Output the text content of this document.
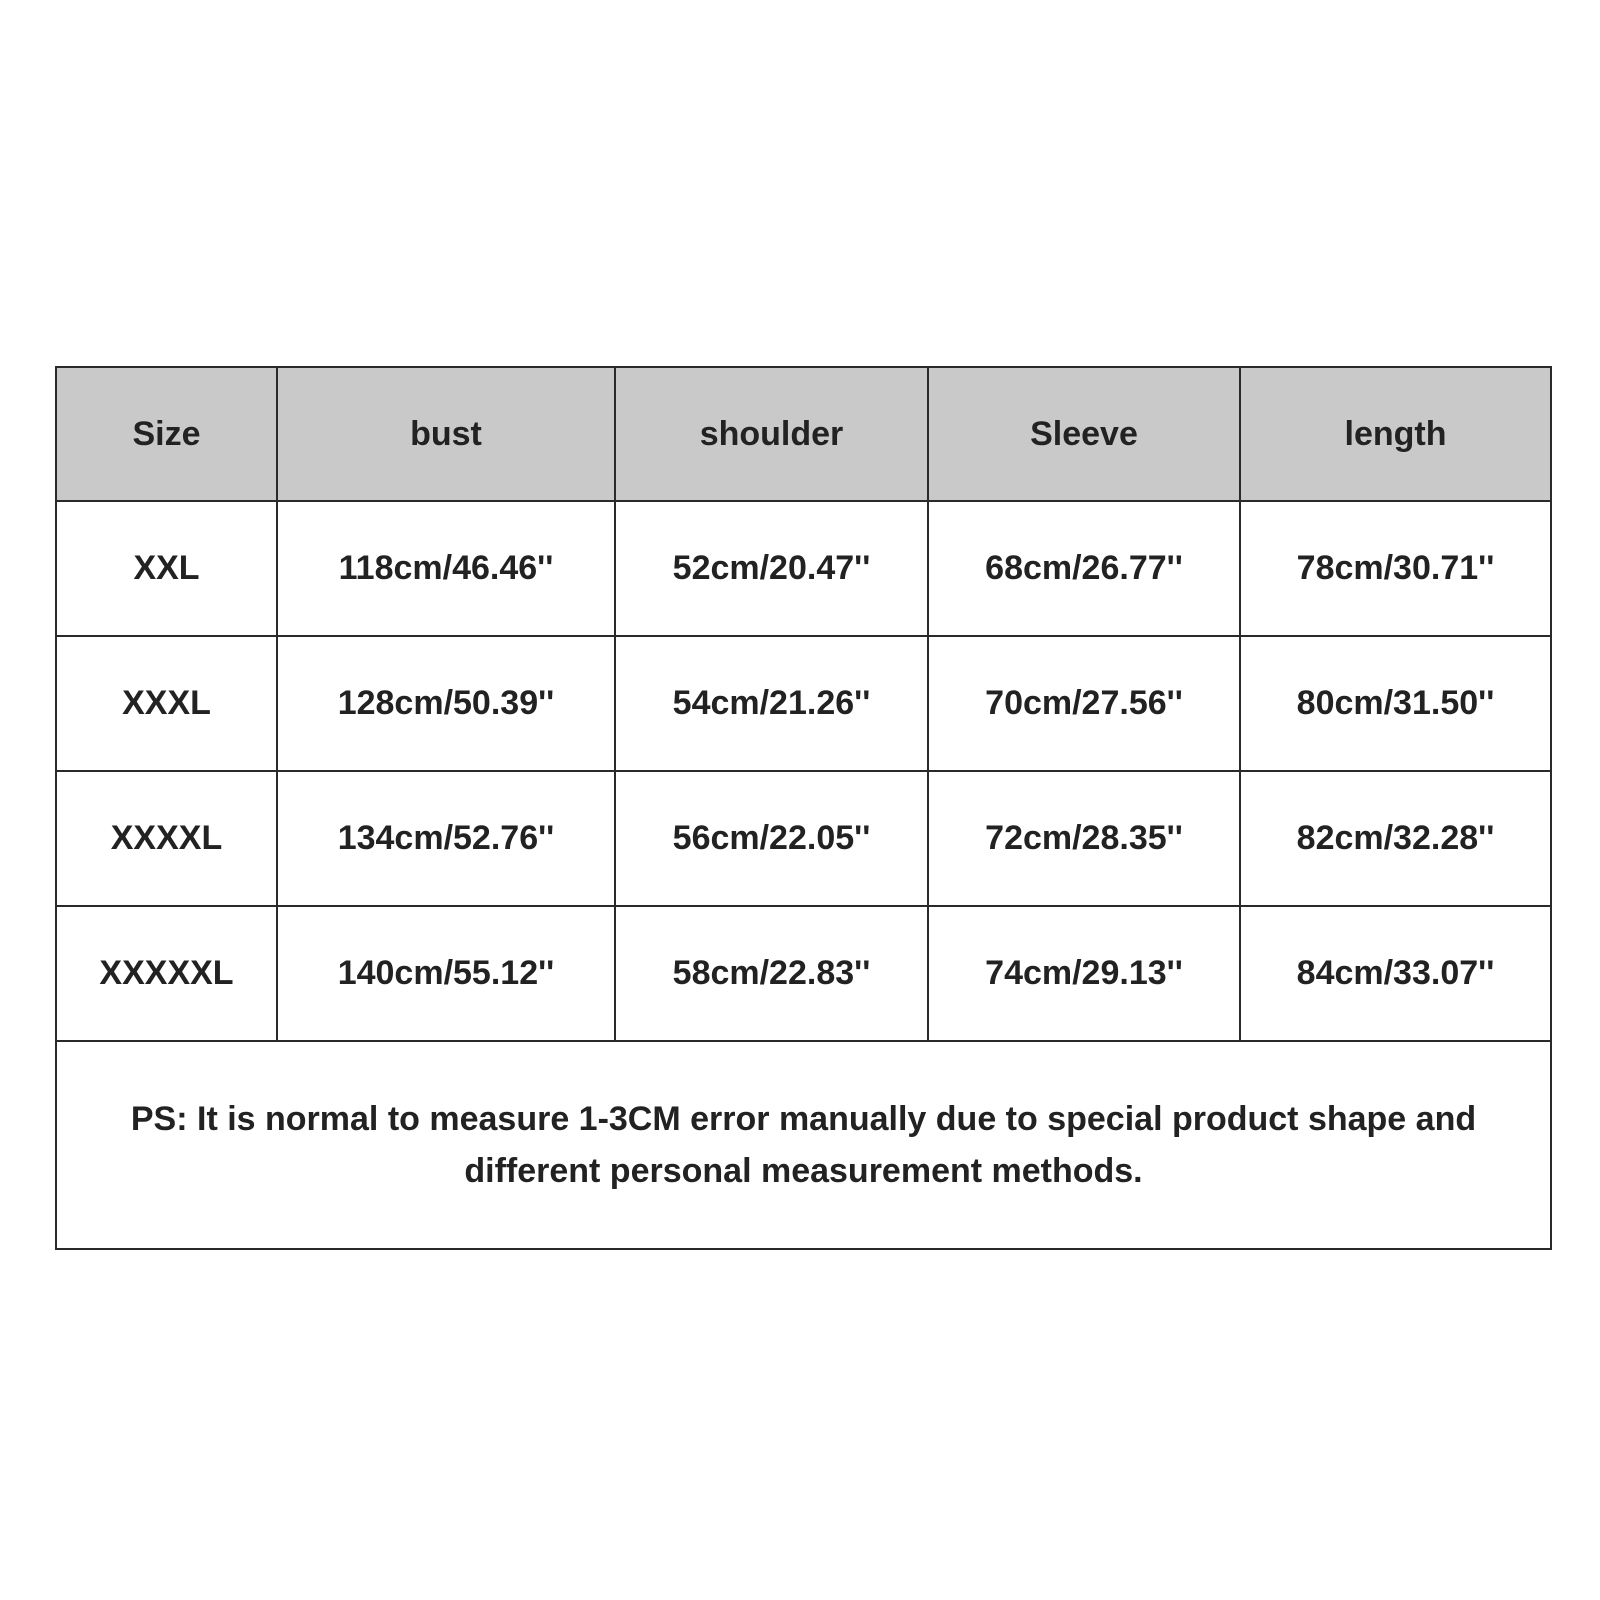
Size	bust	shoulder	Sleeve	length
XXL	118cm/46.46''	52cm/20.47''	68cm/26.77''	78cm/30.71''
XXXL	128cm/50.39''	54cm/21.26''	70cm/27.56''	80cm/31.50''
XXXXL	134cm/52.76''	56cm/22.05''	72cm/28.35''	82cm/32.28''
XXXXXL	140cm/55.12''	58cm/22.83''	74cm/29.13''	84cm/33.07''
PS: It is normal to measure 1-3CM error manually due to special product shape and different personal measurement methods.				
